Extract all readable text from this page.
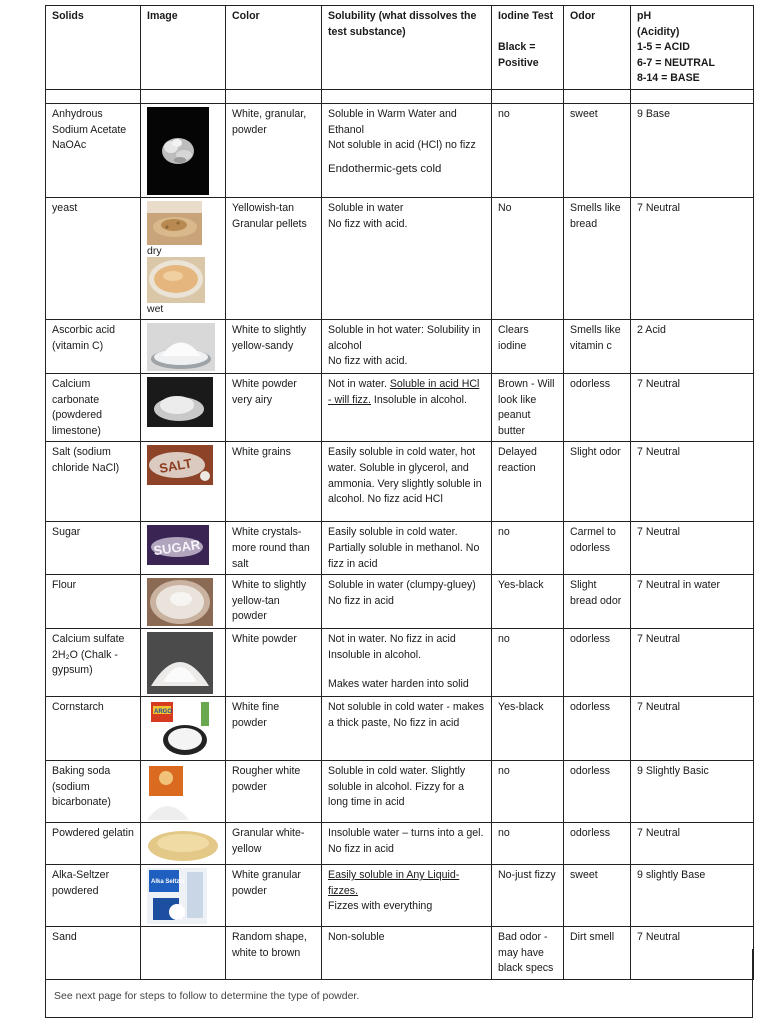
Solids	Image	Color	Solubility (what dissolves the test substance)	Iodine Test

Black =
Positive	Odor	pH
(Acidity)
1-5 = ACID
6-7 = NEUTRAL
8-14 = BASE

Anhydrous Sodium Acetate NaOAc		White, granular, powder	Soluble in Warm Water and Ethanol
Not soluble in acid (HCl) no fizz
Endothermic-gets cold	no	sweet	9 Base
yeast	dry
wet	Yellowish-tan Granular pellets	Soluble in water
No fizz with acid.	No	Smells like bread	7 Neutral
Ascorbic acid (vitamin C)		White to slightly yellow-sandy	Soluble in hot water: Solubility in alcohol
No fizz with acid.	Clears iodine	Smells like vitamin c	2 Acid
Calcium carbonate (powdered limestone)		White powder very airy	Not in water. Soluble in acid HCl - will fizz. Insoluble in alcohol.	Brown - Will look like peanut butter	odorless	7 Neutral
Salt (sodium chloride NaCl)	SALT	White grains	Easily soluble in cold water, hot water. Soluble in glycerol, and ammonia. Very slightly soluble in alcohol. No fizz acid HCl	Delayed reaction	Slight odor	7 Neutral
Sugar	SUGAR	White crystals-more round than salt	Easily soluble in cold water. Partially soluble in methanol. No fizz in acid	no	Carmel to odorless	7 Neutral
Flour		White to slightly yellow-tan powder	Soluble in water (clumpy-gluey) No fizz in acid	Yes-black	Slight bread odor	7 Neutral in water
Calcium sulfate 2H₂O (Chalk - gypsum)		White powder	Not in water. No fizz in acid Insoluble in alcohol.
Makes water harden into solid	no	odorless	7 Neutral
Cornstarch	ARGO	White fine powder	Not soluble in cold water - makes a thick paste, No fizz in acid	Yes-black	odorless	7 Neutral
Baking soda (sodium bicarbonate)		Rougher white powder	Soluble in cold water. Slightly soluble in alcohol. Fizzy for a long time in acid	no	odorless	9 Slightly Basic
Powdered gelatin		Granular white-yellow	Insoluble water – turns into a gel. No fizz in acid	no	odorless	7 Neutral
Alka-Seltzer powdered	Alka Seltzer	White granular powder	Easily soluble in Any Liquid-fizzes.
Fizzes with everything	No-just fizzy	sweet	9 slightly Base
Sand		Random shape, white to brown	Non-soluble	Bad odor - may have black specs	Dirt smell	7 Neutral
See next page for steps to follow to determine the type of powder.
